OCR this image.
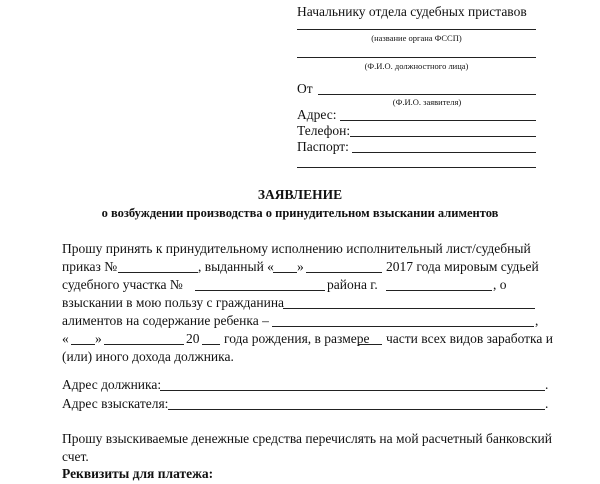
Начальнику отдела судебных приставов
(название органа ФССП)
(Ф.И.О. должностного лица)
От
(Ф.И.О. заявителя)
Адрес:
Телефон:
Паспорт:
ЗАЯВЛЕНИЕ
о возбуждении производства о принудительном взыскании алиментов
Прошу принять к принудительному исполнению исполнительный лист/судебный
приказ №	, выданный « »	2017 года мировым судьей
судебного участка №	района г.	, о
взыскании в мою пользу с гражданина
алиментов на содержание ребенка –	,
« »	20 года рождения, в размере части всех видов заработка и
(или) иного дохода должника.
Адрес должника:	.
Адрес взыскателя:	.
Прошу взыскиваемые денежные средства перечислять на мой расчетный банковский
счет.
Реквизиты для платежа:
